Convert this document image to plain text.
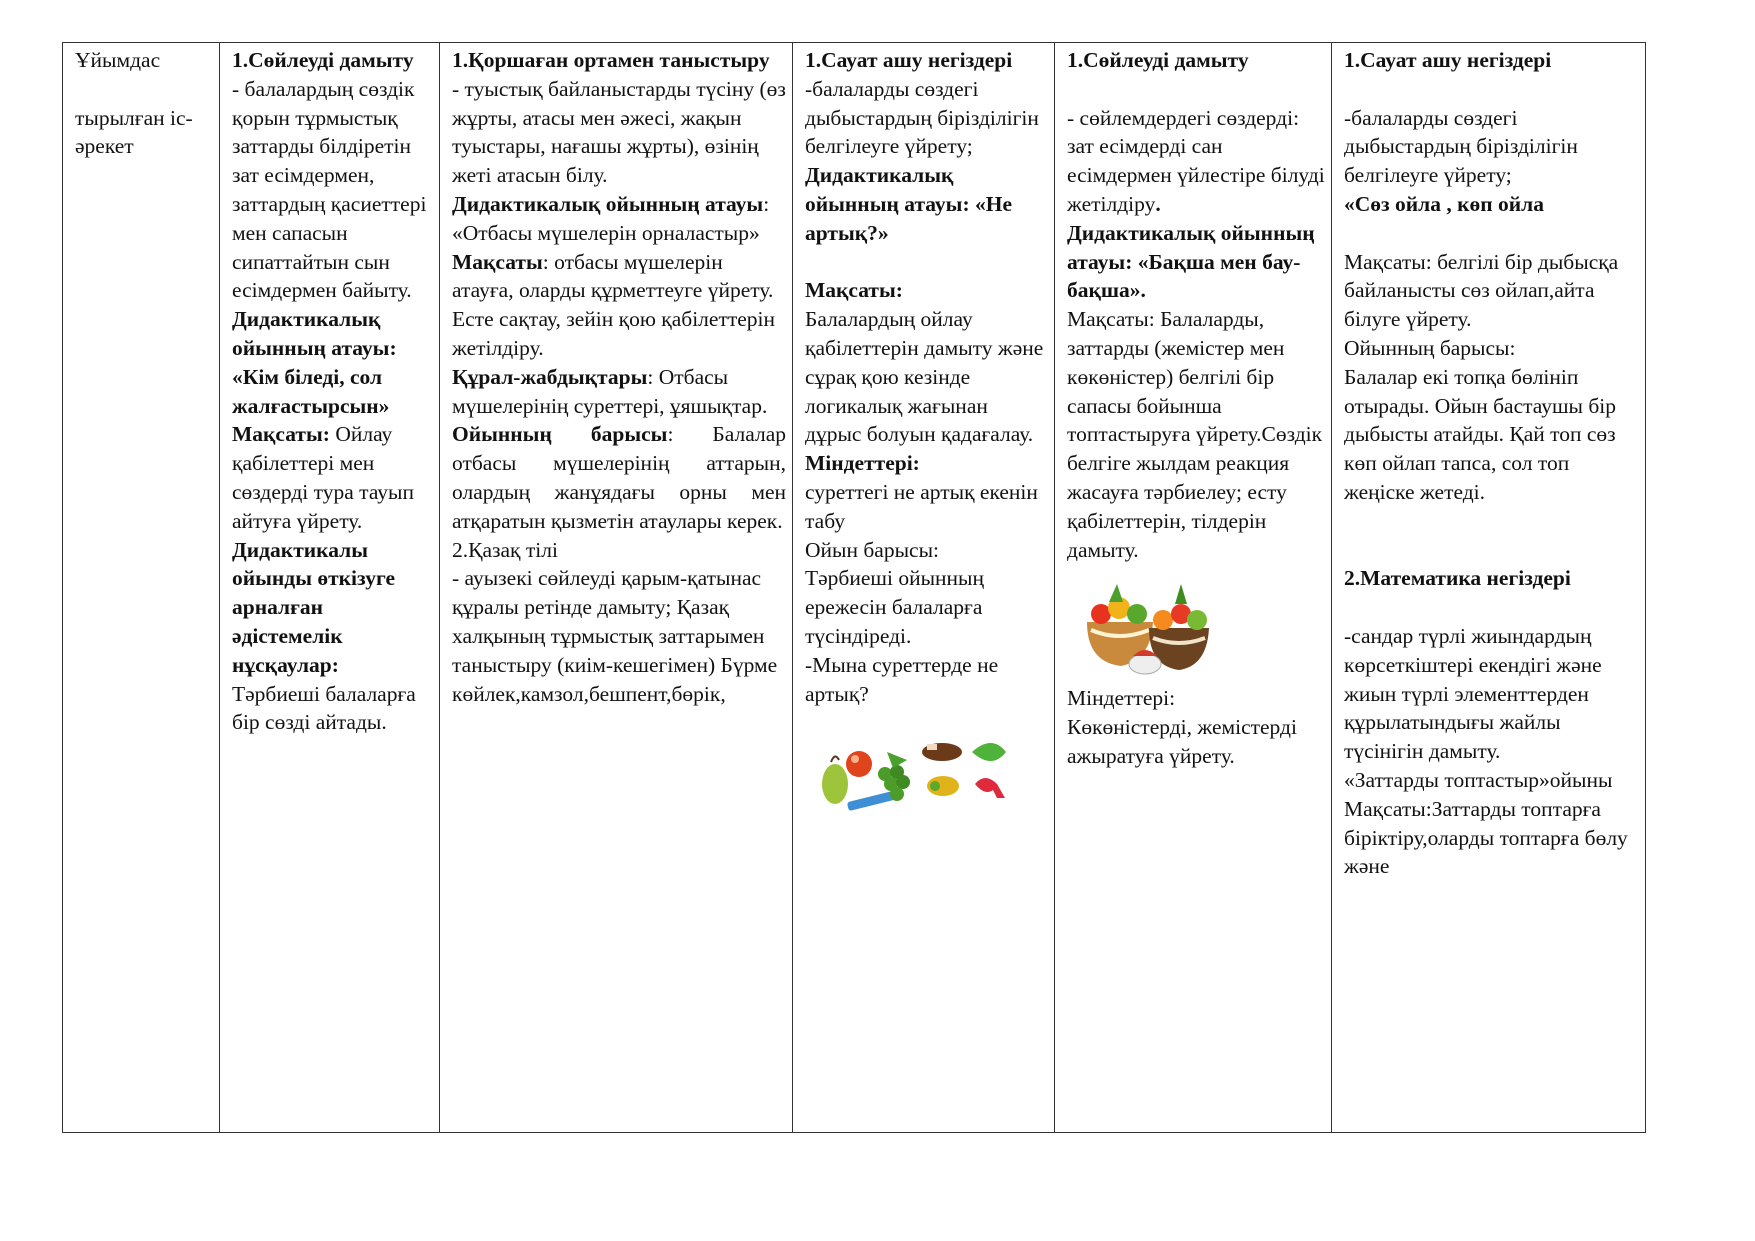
Ұйымдас
тырылған іс-әрекет

1.Сөйлеуді дамыту
- балалардың сөздік қорын тұрмыстық заттарды білдіретін зат есімдермен, заттардың қасиеттері мен сапасын сипаттайтын сын есімдермен байыту.
Дидактикалық ойынның атауы: «Кім біледі, сол жалғастырсын»
Мақсаты: Ойлау қабілеттері мен сөздерді тура тауып айтуға үйрету.
Дидактикалы ойынды өткізуге арналған әдістемелік нұсқаулар:
Тәрбиеші балаларға бір сөзді айтады.

1.Қоршаған ортамен таныстыру
- туыстық байланыстарды түсіну (өз жұрты, атасы мен әжесі, жақын туыстары, нағашы жұрты), өзінің жеті атасын білу.
Дидактикалық ойынның атауы: «Отбасы мүшелерін орналастыр»
Мақсаты: отбасы мүшелерін атауға, оларды құрметтеуге үйрету. Есте сақтау, зейін қою қабілеттерін жетілдіру.
Құрал-жабдықтары: Отбасы мүшелерінің суреттері, ұяшықтар.
Ойынның барысы: Балалар отбасы мүшелерінің аттарын, олардың жанұядағы орны мен атқаратын қызметін атаулары керек.
2.Қазақ тілі
- ауызекі сөйлеуді қарым-қатынас құралы ретінде дамыту; Қазақ халқының тұрмыстық заттарымен таныстыру (киім-кешегімен) Бүрме көйлек,камзол,бешпент,бөрік,

1.Сауат ашу негіздері
-балаларды сөздегі дыбыстардың біріздiлiгiн белгiлеуге үйрету;
Дидактикалық ойынның атауы: «Не артық?»
Мақсаты:
Балалардың ойлау қабілеттерін дамыту және сұрақ қою кезінде логикалық жағынан дұрыс болуын қадағалау.
Міндеттері:
суреттегі не артық екенін табу
Ойын барысы:
Тәрбиеші ойынның ережесін балаларға түсіндіреді.
-Мына суреттерде не артық?

1.Сөйлеуді дамыту
- сөйлемдердегі сөздерді: зат есімдерді сан есімдермен үйлестіре білуді жетілдіру.
Дидактикалық ойынның атауы: «Бақша мен бау-бақша».
Мақсаты: Балаларды, заттарды (жемістер мен көкөністер) белгілі бір сапасы бойынша топтастыруға үйрету.Сөздік белгіге жылдам реакция жасауға тәрбиелеу; есту қабілеттерін, тілдерін дамыту.
Міндеттері:
Көкөністерді, жемістерді ажыратуға үйрету.

1.Сауат ашу негіздері
-балаларды сөздегі дыбыстардың біріздiлiгiн белгiлеуге үйрету;
«Сөз ойла , көп ойла
Мақсаты: белгілі бір дыбысқа байланысты сөз ойлап,айта білуге үйрету.
Ойынның барысы:
Балалар екі топқа бөлініп отырады. Ойын бастаушы бір дыбысты атайды. Қай топ сөз көп ойлап тапса, сол топ жеңіске жетеді.
2.Математика негіздері
-сандар түрлі жиындардың көрсеткіштері екендігі және жиын түрлі элементтерден құрылатындығы жайлы түсінігін дамыту.
«Заттарды топтастыр»ойыны
Мақсаты:Заттарды топтарға біріктіру,оларды топтарға бөлу және
